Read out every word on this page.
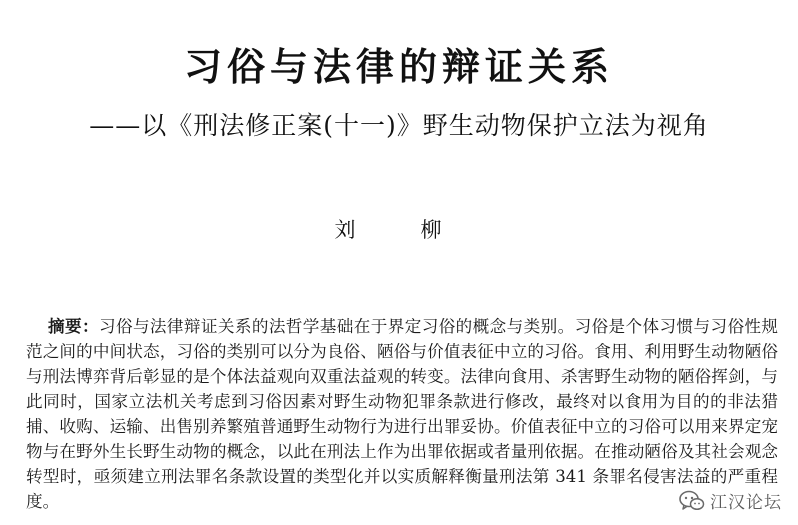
习俗与法律的辩证关系
——以《刑法修正案(十一)》野生动物保护立法为视角
刘　柳
摘要：习俗与法律辩证关系的法哲学基础在于界定习俗的概念与类别。习俗是个体习惯与习俗性规范之间的中间状态，习俗的类别可以分为良俗、陋俗与价值表征中立的习俗。食用、利用野生动物陋俗与刑法博弈背后彰显的是个体法益观向双重法益观的转变。法律向食用、杀害野生动物的陋俗挥剑，与此同时，国家立法机关考虑到习俗因素对野生动物犯罪条款进行修改，最终对以食用为目的的非法猎捕、收购、运输、出售别养繁殖普通野生动物行为进行出罪妥协。价值表征中立的习俗可以用来界定宠物与在野外生长野生动物的概念，以此在刑法上作为出罪依据或者量刑依据。在推动陋俗及其社会观念转型时，亟须建立刑法罪名条款设置的类型化并以实质解释衡量刑法第 341 条罪名侵害法益的严重程度。	江汉论坛
